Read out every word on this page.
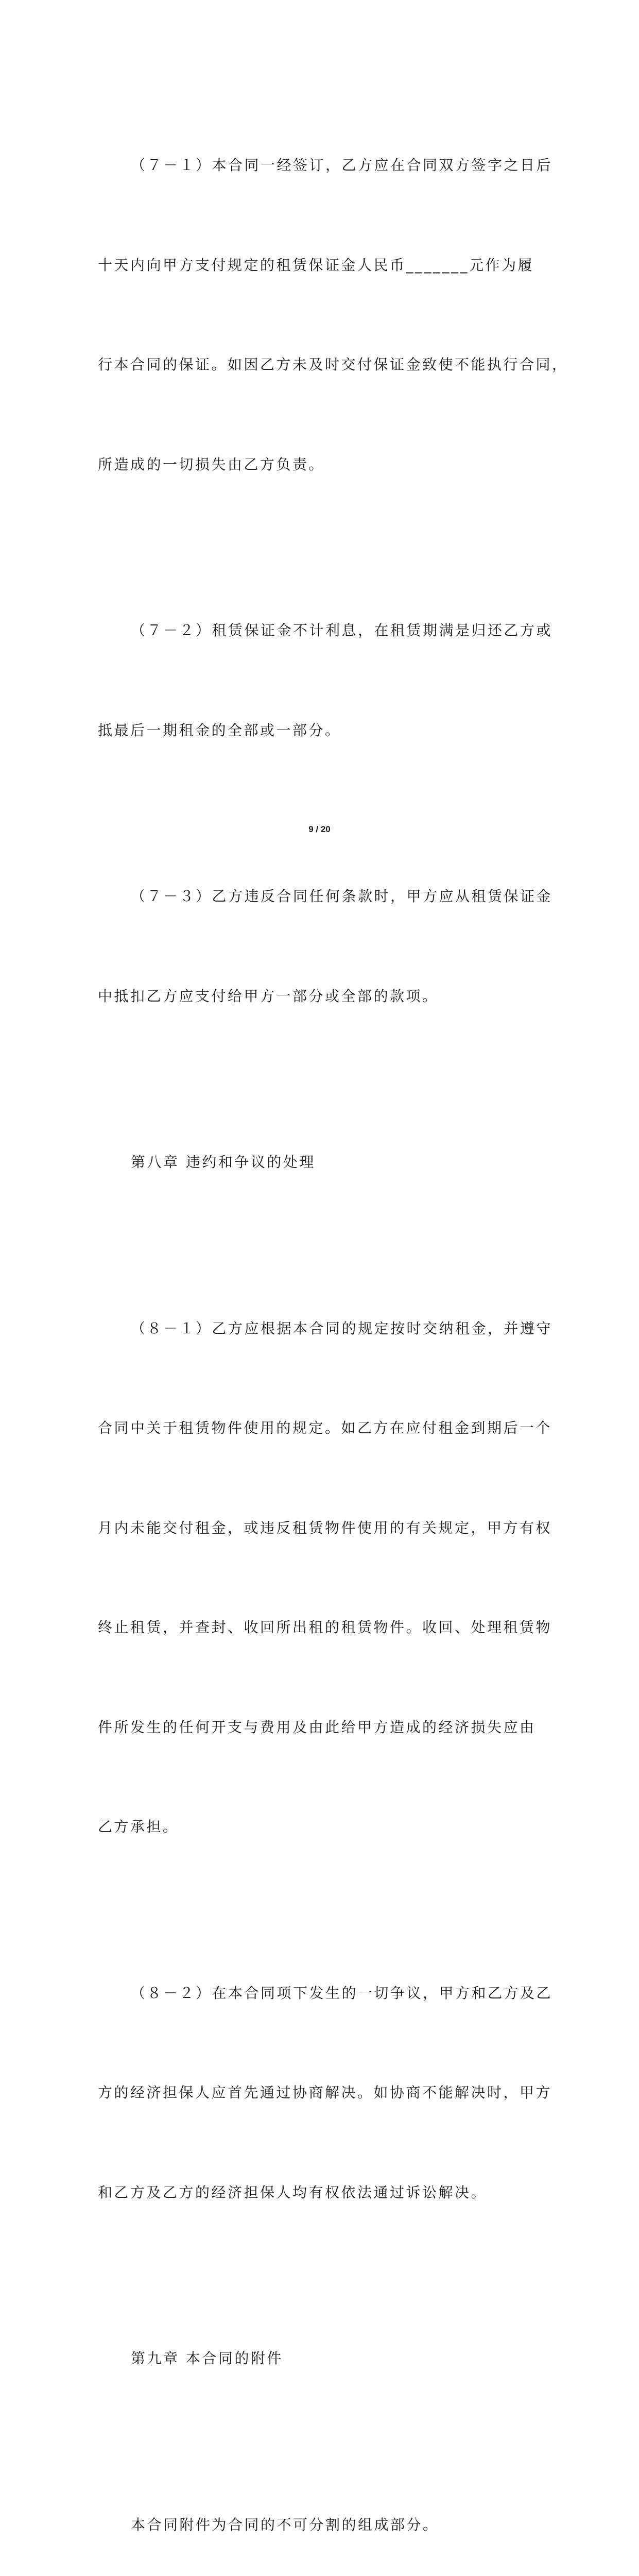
（７－１）本合同一经签订，乙方应在合同双方签字之日后

十天内向甲方支付规定的租赁保证金人民币_______元作为履

行本合同的保证。如因乙方未及时交付保证金致使不能执行合同，

所造成的一切损失由乙方负责。

（７－２）租赁保证金不计利息，在租赁期满是归还乙方或

抵最后一期租金的全部或一部分。

（７－３）乙方违反合同任何条款时，甲方应从租赁保证金

中抵扣乙方应支付给甲方一部分或全部的款项。

第八章 违约和争议的处理

（８－１）乙方应根据本合同的规定按时交纳租金，并遵守

合同中关于租赁物件使用的规定。如乙方在应付租金到期后一个

月内未能交付租金，或违反租赁物件使用的有关规定，甲方有权

终止租赁，并查封、收回所出租的租赁物件。收回、处理租赁物

件所发生的任何开支与费用及由此给甲方造成的经济损失应由

乙方承担。

（８－２）在本合同项下发生的一切争议，甲方和乙方及乙

方的经济担保人应首先通过协商解决。如协商不能解决时，甲方

和乙方及乙方的经济担保人均有权依法通过诉讼解决。

第九章 本合同的附件

本合同附件为合同的不可分割的组成部分。

9 / 20
